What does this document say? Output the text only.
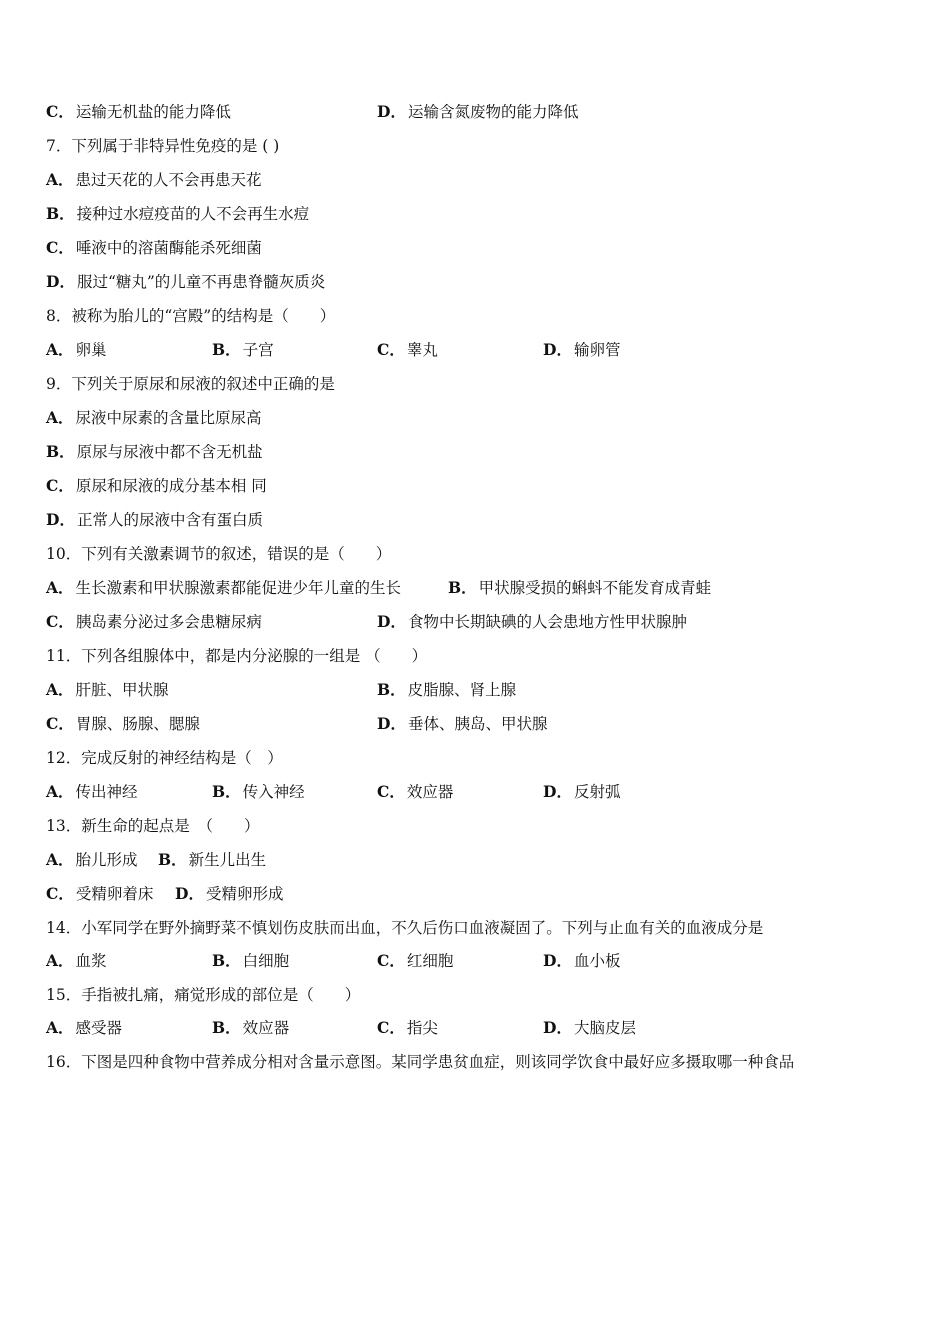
C． 运输无机盐的能力降低	D． 运输含氮废物的能力降低
7．下列属于非特异性免疫的是 ( )
A． 患过天花的人不会再患天花
B． 接种过水痘疫苗的人不会再生水痘
C． 唾液中的溶菌酶能杀死细菌
D． 服过“糖丸”的儿童不再患脊髓灰质炎
8．被称为胎儿的“宫殿”的结构是（　　）
A． 卵巢	B． 子宫	C． 睾丸	D． 输卵管
9．下列关于原尿和尿液的叙述中正确的是
A． 尿液中尿素的含量比原尿高
B． 原尿与尿液中都不含无机盐
C． 原尿和尿液的成分基本相 同
D． 正常人的尿液中含有蛋白质
10．下列有关激素调节的叙述，错误的是（　　）
A． 生长激素和甲状腺激素都能促进少年儿童的生长	B． 甲状腺受损的蝌蚪不能发育成青蛙
C． 胰岛素分泌过多会患糖尿病	D． 食物中长期缺碘的人会患地方性甲状腺肿
11．下列各组腺体中，都是内分泌腺的一组是 （　　）
A． 肝脏、甲状腺	B． 皮脂腺、肾上腺
C． 胃腺、肠腺、腮腺	D． 垂体、胰岛、甲状腺
12．完成反射的神经结构是（　）
A． 传出神经	B． 传入神经	C． 效应器	D． 反射弧
13．新生命的起点是　（　　）
A． 胎儿形成 B． 新生儿出生
C． 受精卵着床 D． 受精卵形成
14．小军同学在野外摘野菜不慎划伤皮肤而出血，不久后伤口血液凝固了。下列与止血有关的血液成分是
A． 血浆	B． 白细胞	C． 红细胞	D． 血小板
15．手指被扎痛，痛觉形成的部位是（　　）
A． 感受器	B． 效应器	C． 指尖	D． 大脑皮层
16．下图是四种食物中营养成分相对含量示意图。某同学患贫血症，则该同学饮食中最好应多摄取哪一种食品
